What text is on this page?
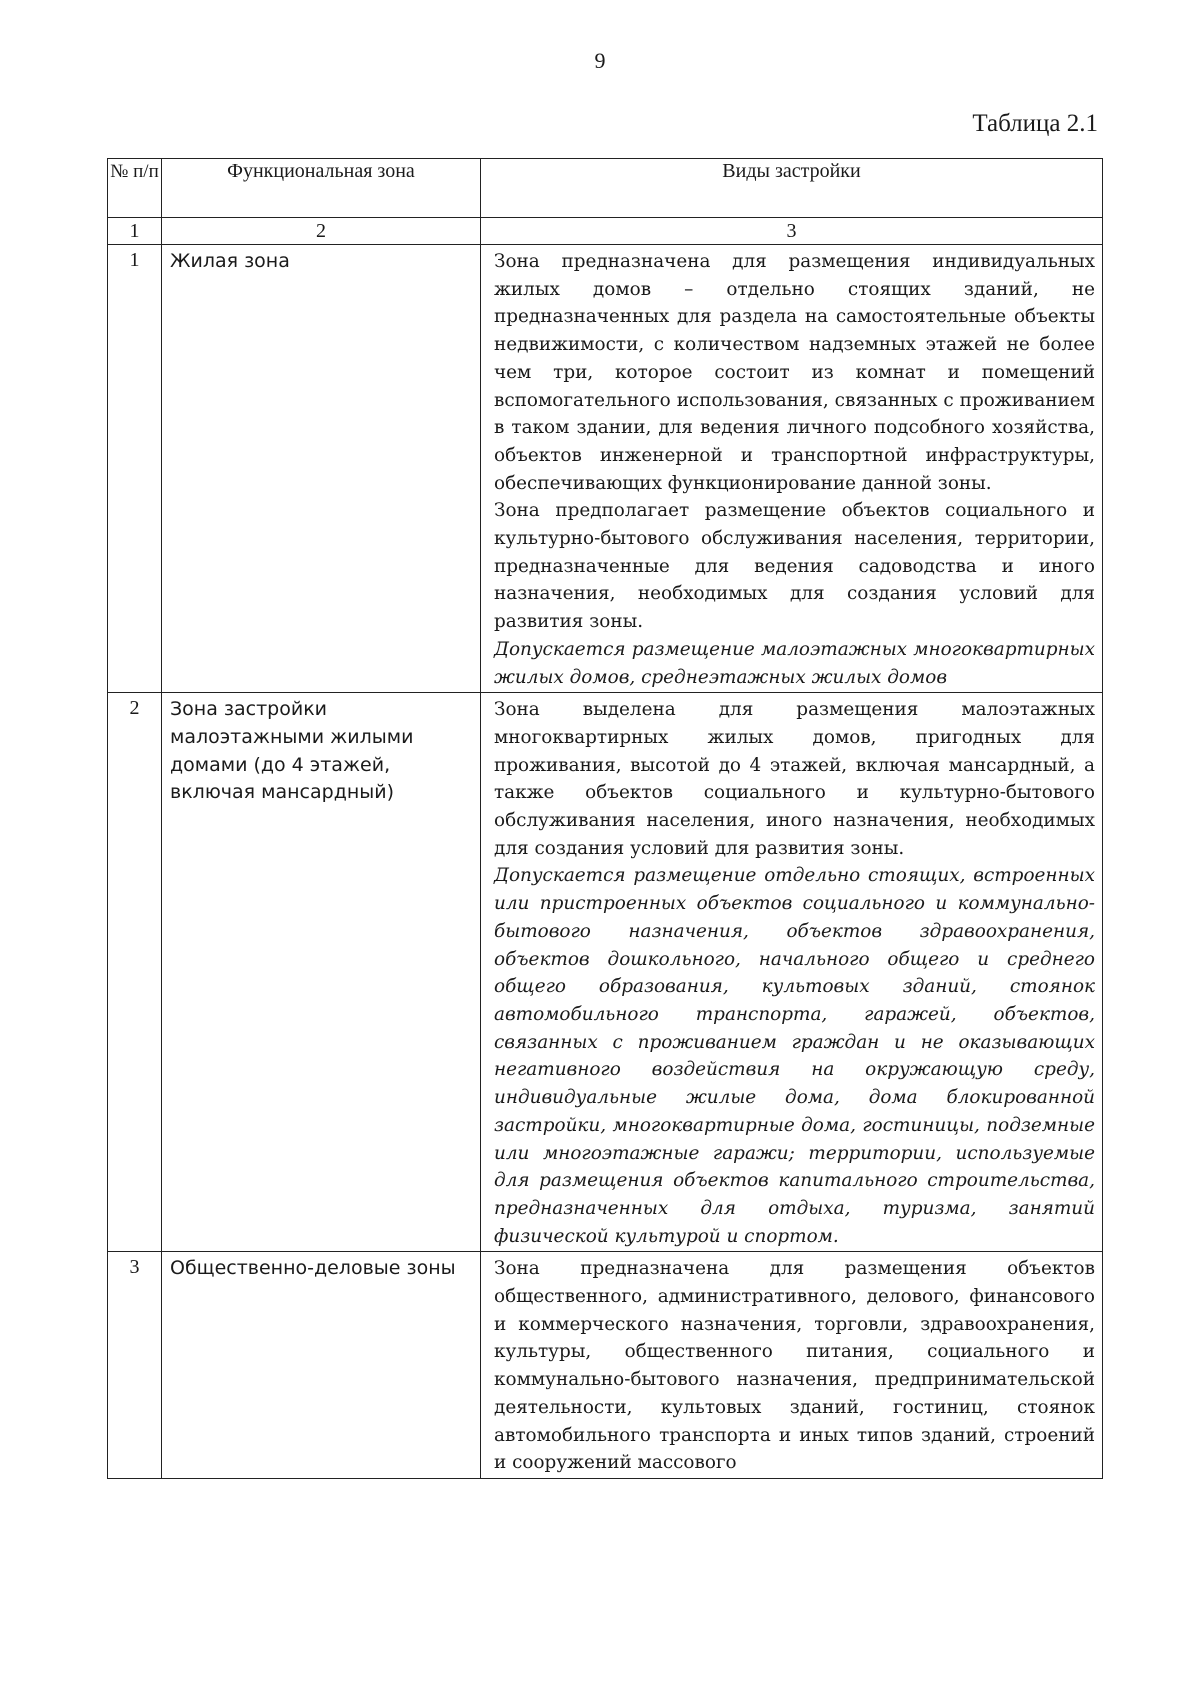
9
Таблица 2.1
№ п/п	Функциональная зона	Виды застройки
1	2	3
1	Жилая зона	Зона предназначена для размещения индивидуальных жилых домов – отдельно стоящих зданий, не предназначенных для раздела на самостоятельные объекты недвижимости, с количеством надземных этажей не более чем три, которое состоит из комнат и помещений вспомогательного использования, связанных с проживанием в таком здании, для ведения личного подсобного хозяйства, объектов инженерной и транспортной инфраструктуры, обеспечивающих функционирование данной зоны.

Зона предполагает размещение объектов социального и культурно-бытового обслуживания населения, территории, предназначенные для ведения садоводства и иного назначения, необходимых для создания условий для развития зоны.

Допускается размещение малоэтажных многоквартирных жилых домов, среднеэтажных жилых домов

2	Зона застройки малоэтажными жилыми домами (до 4 этажей, включая мансардный)	Зона выделена для размещения малоэтажных многоквартирных жилых домов, пригодных для проживания, высотой до 4 этажей, включая мансардный, а также объектов социального и культурно-бытового обслуживания населения, иного назначения, необходимых для создания условий для развития зоны.

Допускается размещение отдельно стоящих, встроенных или пристроенных объектов социального и коммунально-бытового назначения, объектов здравоохранения, объектов дошкольного, начального общего и среднего общего образования, культовых зданий, стоянок автомобильного транспорта, гаражей, объектов, связанных с проживанием граждан и не оказывающих негативного воздействия на окружающую среду, индивидуальные жилые дома, дома блокированной застройки, многоквартирные дома, гостиницы, подземные или многоэтажные гаражи; территории, используемые для размещения объектов капитального строительства, предназначенных для отдыха, туризма, занятий физической культурой и спортом.

3	Общественно-деловые зоны	Зона предназначена для размещения объектов общественного, административного, делового, финансового и коммерческого назначения, торговли, здравоохранения, культуры, общественного питания, социального и коммунально-бытового назначения, предпринимательской деятельности, культовых зданий, гостиниц, стоянок автомобильного транспорта и иных типов зданий, строений и сооружений массового
